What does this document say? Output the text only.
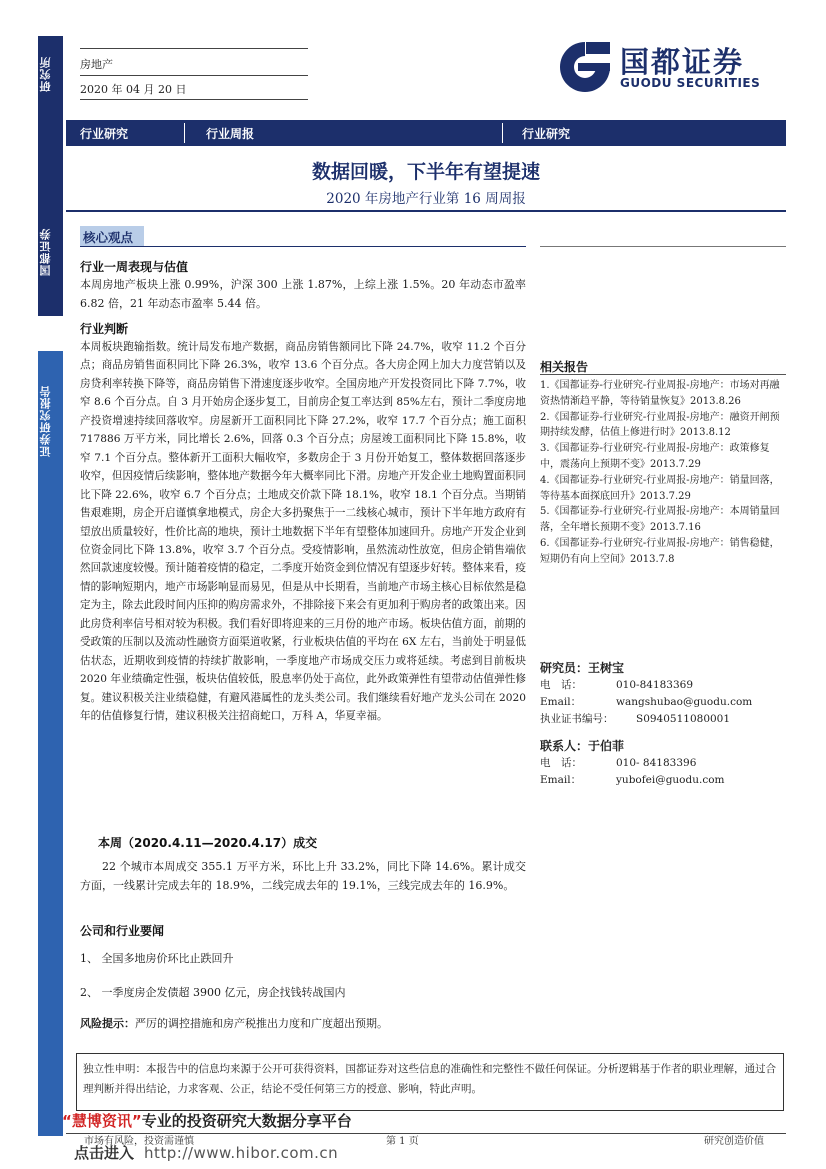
研究所
国都证券
证券研究报告
房地产
2020 年 04 月 20 日
国都证券
GUODU SECURITIES
行业研究	行业周报	行业研究
数据回暖，下半年有望提速
2020 年房地产行业第 16 周周报
核心观点
行业一周表现与估值
本周房地产板块上涨 0.99%，沪深 300 上涨 1.87%，上综上涨 1.5%。20 年动态市盈率 6.82 倍，21 年动态市盈率 5.44 倍。
行业判断
本周板块跑输指数。统计局发布地产数据，商品房销售额同比下降 24.7%，收窄 11.2 个百分点；商品房销售面积同比下降 26.3%，收窄 13.6 个百分点。各大房企网上加大力度营销以及房贷利率转换下降等，商品房销售下滑速度逐步收窄。全国房地产开发投资同比下降 7.7%，收窄 8.6 个百分点。自 3 月开始房企逐步复工，目前房企复工率达到 85%左右，预计二季度房地产投资增速持续回落收窄。房屋新开工面积同比下降 27.2%，收窄 17.7 个百分点；施工面积 717886 万平方米，同比增长 2.6%，回落 0.3 个百分点；房屋竣工面积同比下降 15.8%，收窄 7.1 个百分点。整体新开工面积大幅收窄，多数房企于 3 月份开始复工，整体数据回落逐步收窄，但因疫情后续影响，整体地产数据今年大概率同比下滑。房地产开发企业土地购置面积同比下降 22.6%，收窄 6.7 个百分点；土地成交价款下降 18.1%，收窄 18.1 个百分点。当期销售艰难期，房企开启谨慎拿地模式，房企大多扔聚焦于一二线核心城市，预计下半年地方政府有望放出质量较好，性价比高的地块，预计土地数据下半年有望整体加速回升。房地产开发企业到位资金同比下降 13.8%，收窄 3.7 个百分点。受疫情影响，虽然流动性放宽，但房企销售端依然回款速度较慢。预计随着疫情的稳定，二季度开始资金到位情况有望逐步好转。整体来看，疫情的影响短期内，地产市场影响显而易见，但是从中长期看，当前地产市场主核心目标依然是稳定为主，除去此段时间内压抑的购房需求外，不排除接下来会有更加利于购房者的政策出来。因此房贷利率信号相对较为积极。我们看好即将迎来的三月份的地产市场。板块估值方面，前期的受政策的压制以及流动性融资方面渠道收紧，行业板块估值的平均在 6X 左右，当前处于明显低估状态，近期收到疫情的持续扩散影响，一季度地产市场成交压力或将延续。考虑到目前板块 2020 年业绩确定性强，板块估值较低，股息率仍处于高位，此外政策弹性有望带动估值弹性修复。建议积极关注业绩稳健，有避风港属性的龙头类公司。我们继续看好地产龙头公司在 2020 年的估值修复行情，建议积极关注招商蛇口，万科 A，华夏幸福。
本周（2020.4.11—2020.4.17）成交
22 个城市本周成交 355.1 万平方米，环比上升 33.2%，同比下降 14.6%。累计成交方面，一线累计完成去年的 18.9%，二线完成去年的 19.1%，三线完成去年的 16.9%。
公司和行业要闻
1、 全国多地房价环比止跌回升
2、 一季度房企发债超 3900 亿元，房企找钱转战国内
风险提示：严厉的调控措施和房产税推出力度和广度超出预期。
相关报告
1.《国都证券-行业研究-行业周报-房地产：市场对再融资热情渐趋平静，等待销量恢复》2013.8.26
2.《国都证券-行业研究-行业周报-房地产：融资开闸预期持续发酵，估值上修进行时》2013.8.12
3.《国都证券-行业研究-行业周报-房地产：政策修复中，震荡向上预期不变》2013.7.29
4.《国都证券-行业研究-行业周报-房地产：销量回落，等待基本面探底回升》2013.7.29
5.《国都证券-行业研究-行业周报-房地产：本周销量回落，全年增长预期不变》2013.7.16
6.《国都证券-行业研究-行业周报-房地产：销售稳健，短期仍有向上空间》2013.7.8
研究员：王树宝
电　话：	010-84183369
Email：	wangshubao@guodu.com
执业证书编号：	S0940511080001
联系人：于伯菲
电　话：	010- 84183396
Email：	yubofei@guodu.com
独立性申明：本报告中的信息均来源于公开可获得资料，国都证券对这些信息的准确性和完整性不做任何保证。分析逻辑基于作者的职业理解，通过合理判断并得出结论，力求客观、公正，结论不受任何第三方的授意、影响，特此声明。
市场有风险，投资需谨慎	第 1 页	研究创造价值
“慧博资讯”专业的投资研究大数据分享平台
点击进入 http://www.hibor.com.cn
